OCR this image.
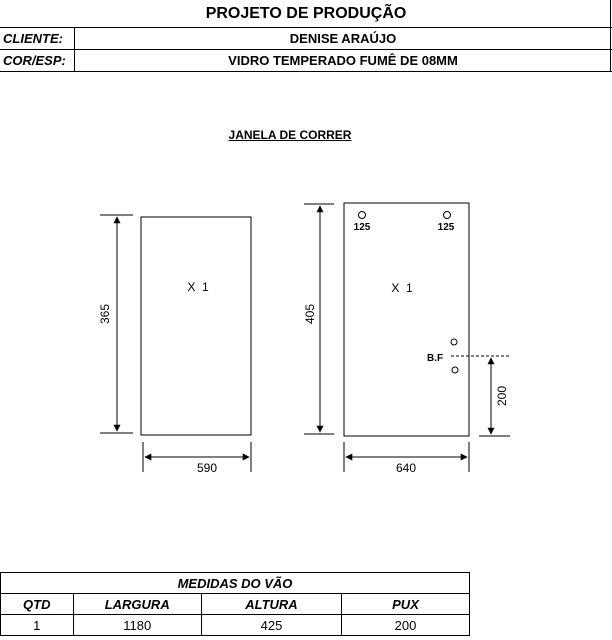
PROJETO DE PRODUÇÃO
CLIENTE:	DENISE ARAÚJO
COR/ESP:	VIDRO TEMPERADO FUMÊ DE 08MM
JANELA DE CORRER
365
590
X  1
405
640
X  1
125	125
B.F
200
MEDIDAS DO VÃO			
QTD	LARGURA	ALTURA	PUX
1	1180	425	200
